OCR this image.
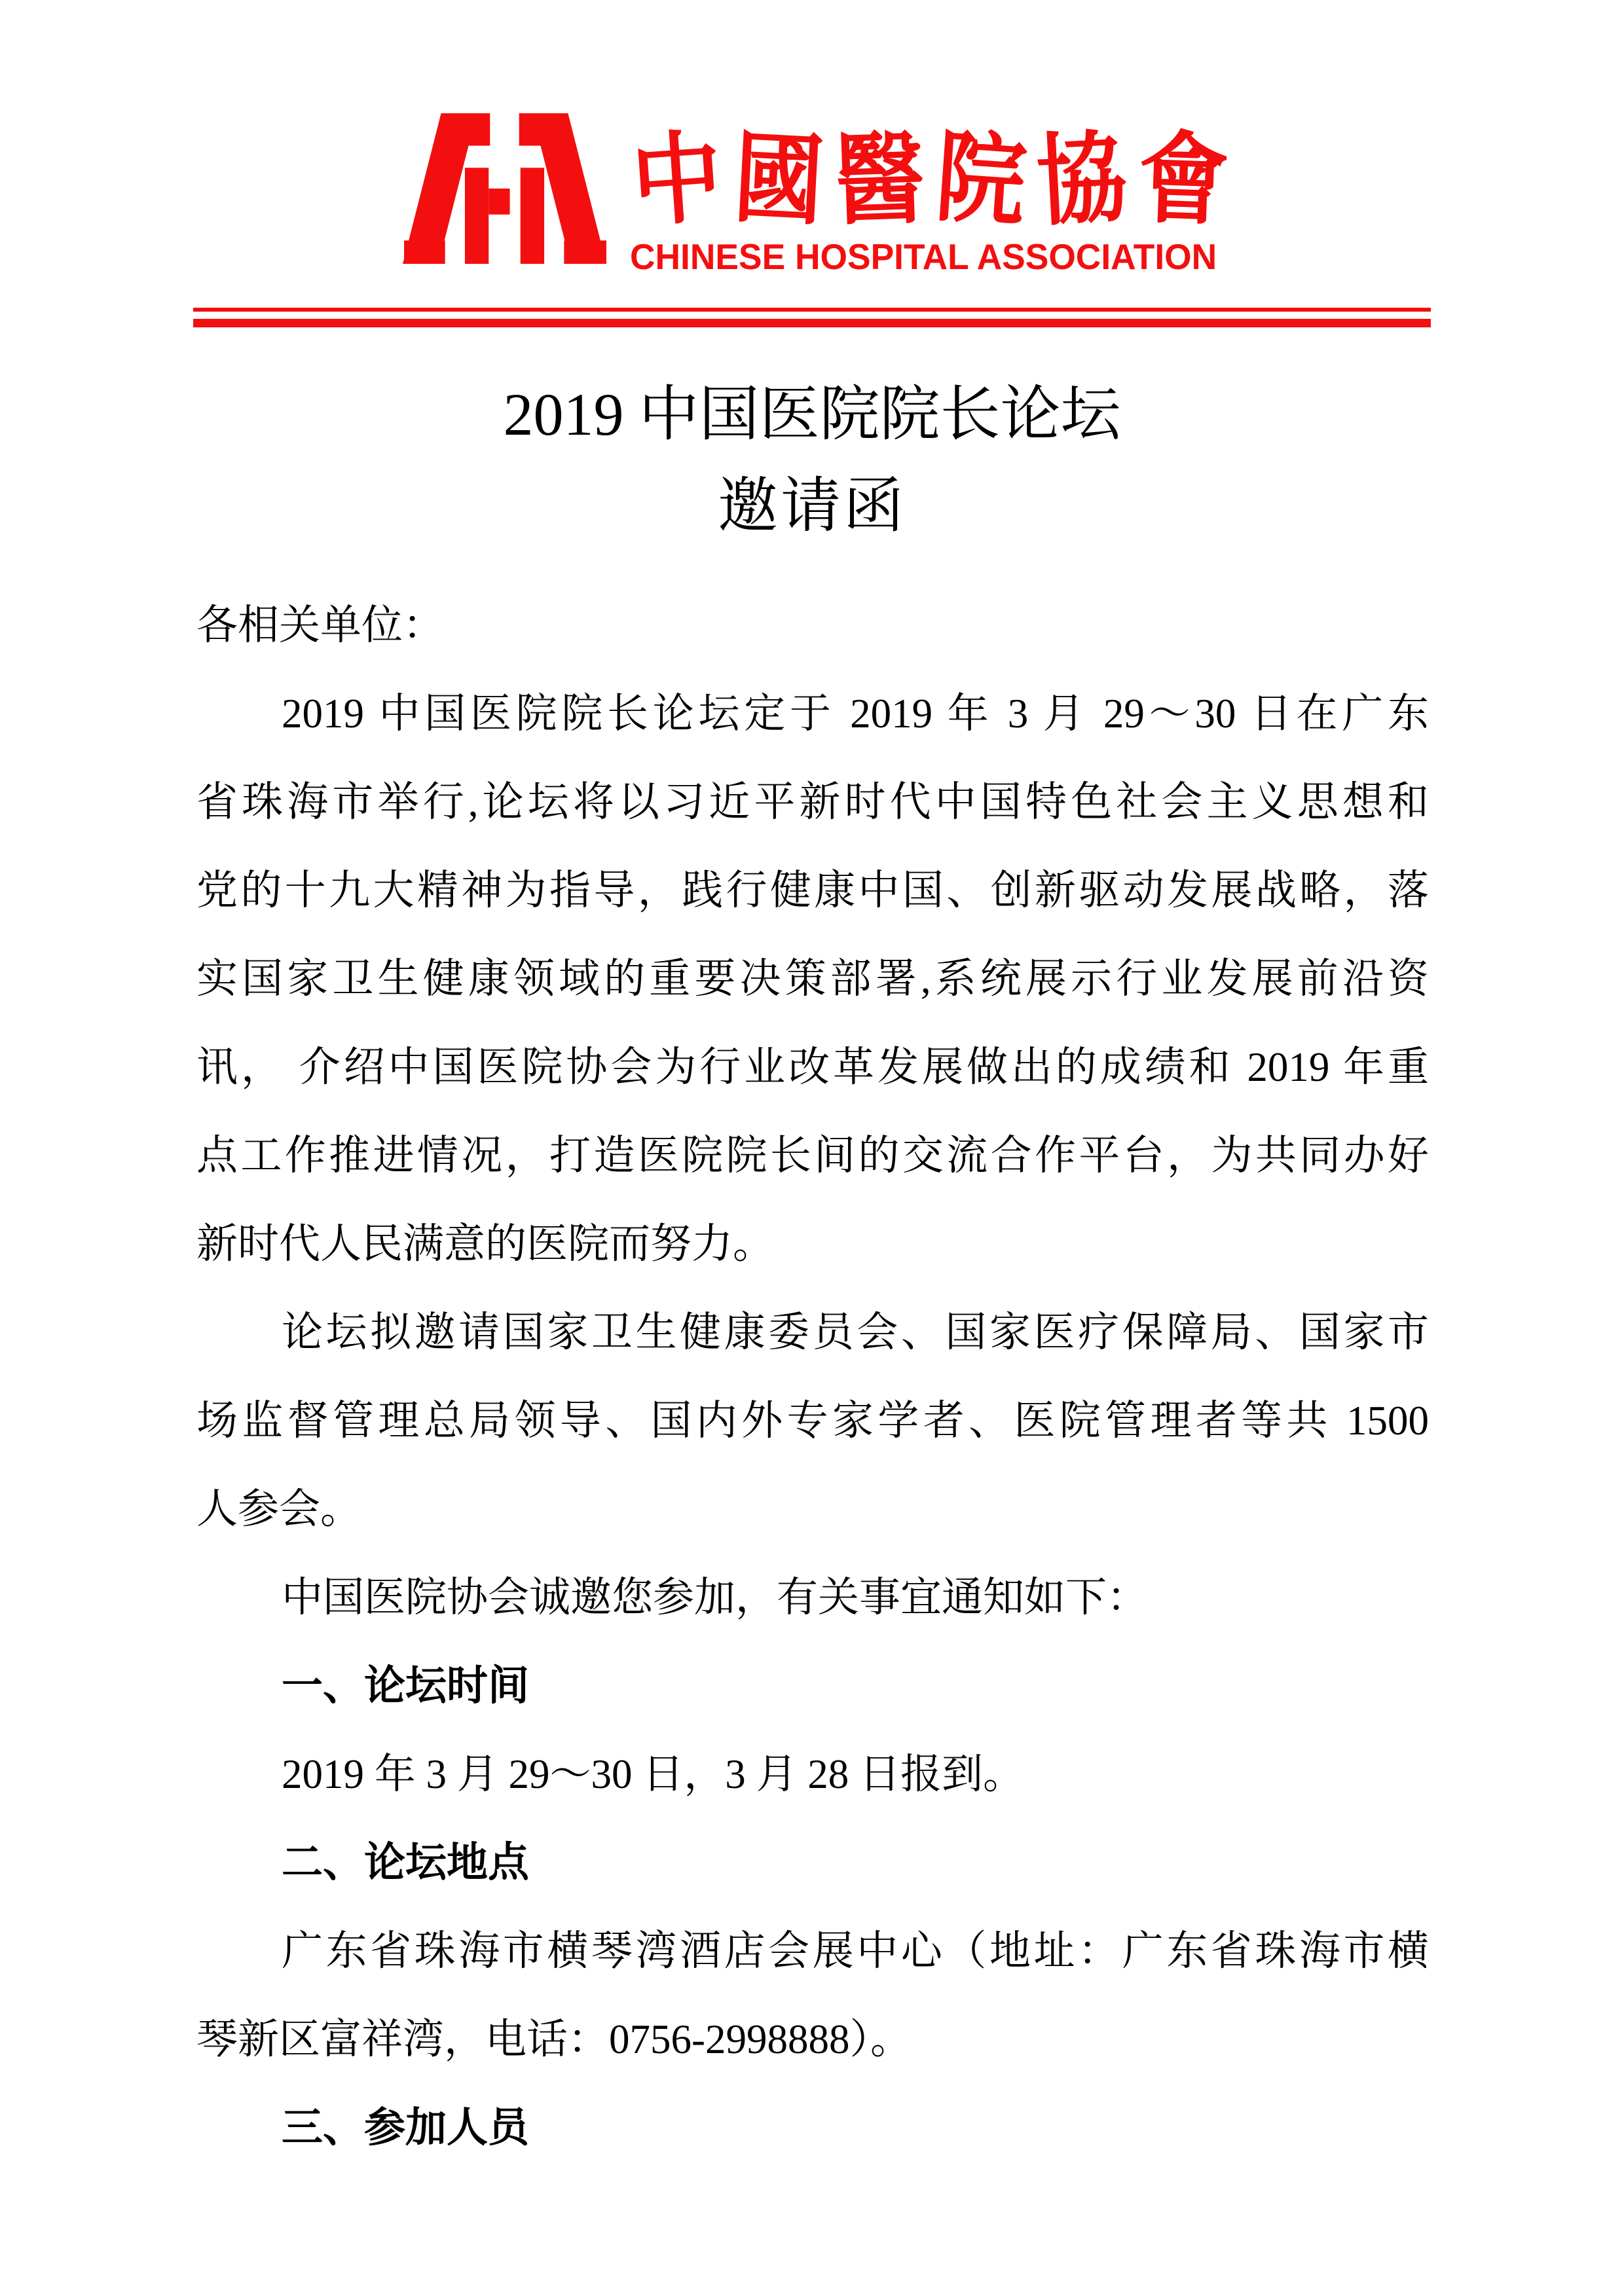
中 國 醫 院 協 會
CHINESE HOSPITAL ASSOCIATION
2019 中国医院院长论坛
邀请函
各相关单位：
2019 中国医院院长论坛定于 2019 年 3 月 29～30 日在广东
省珠海市举行,论坛将以习近平新时代中国特色社会主义思想和
党的十九大精神为指导，践行健康中国、创新驱动发展战略，落
实国家卫生健康领域的重要决策部署,系统展示行业发展前沿资
讯， 介绍中国医院协会为行业改革发展做出的成绩和 2019 年重
点工作推进情况，打造医院院长间的交流合作平台，为共同办好
新时代人民满意的医院而努力。
论坛拟邀请国家卫生健康委员会、国家医疗保障局、国家市
场监督管理总局领导、国内外专家学者、医院管理者等共 1500
人参会。
中国医院协会诚邀您参加，有关事宜通知如下：
一、论坛时间
2019 年 3 月 29～30 日，3 月 28 日报到。
二、论坛地点
广东省珠海市横琴湾酒店会展中心（地址：广东省珠海市横
琴新区富祥湾，电话：0756-2998888）。
三、参加人员
